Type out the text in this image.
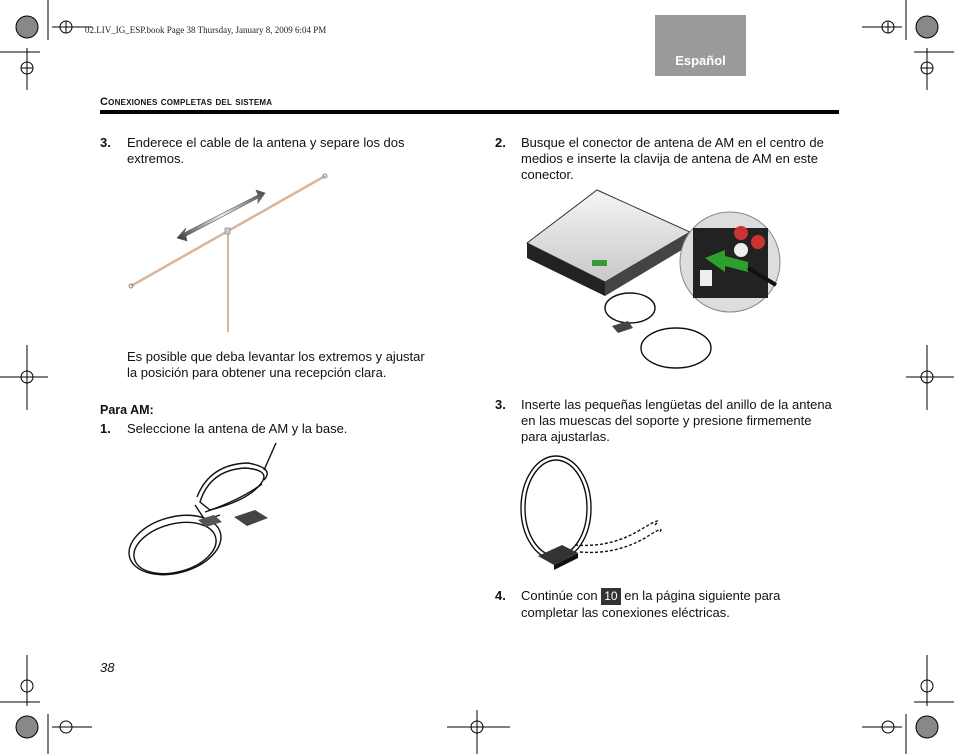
02.LIV_IG_ESP.book Page 38 Thursday, January 8, 2009 6:04 PM
Español
Conexiones completas del sistema
3. Enderece el cable de la antena y separe los dos extremos.
Es posible que deba levantar los extremos y ajustar la posición para obtener una recepción clara.
Para AM:
1. Seleccione la antena de AM y la base.
2. Busque el conector de antena de AM en el centro de medios e inserte la clavija de antena de AM en este conector.
3. Inserte las pequeñas lengüetas del anillo de la antena en las muescas del soporte y presione firmemente para ajustarlas.
4. Continúe con 10 en la página siguiente para completar las conexiones eléctricas.
38
